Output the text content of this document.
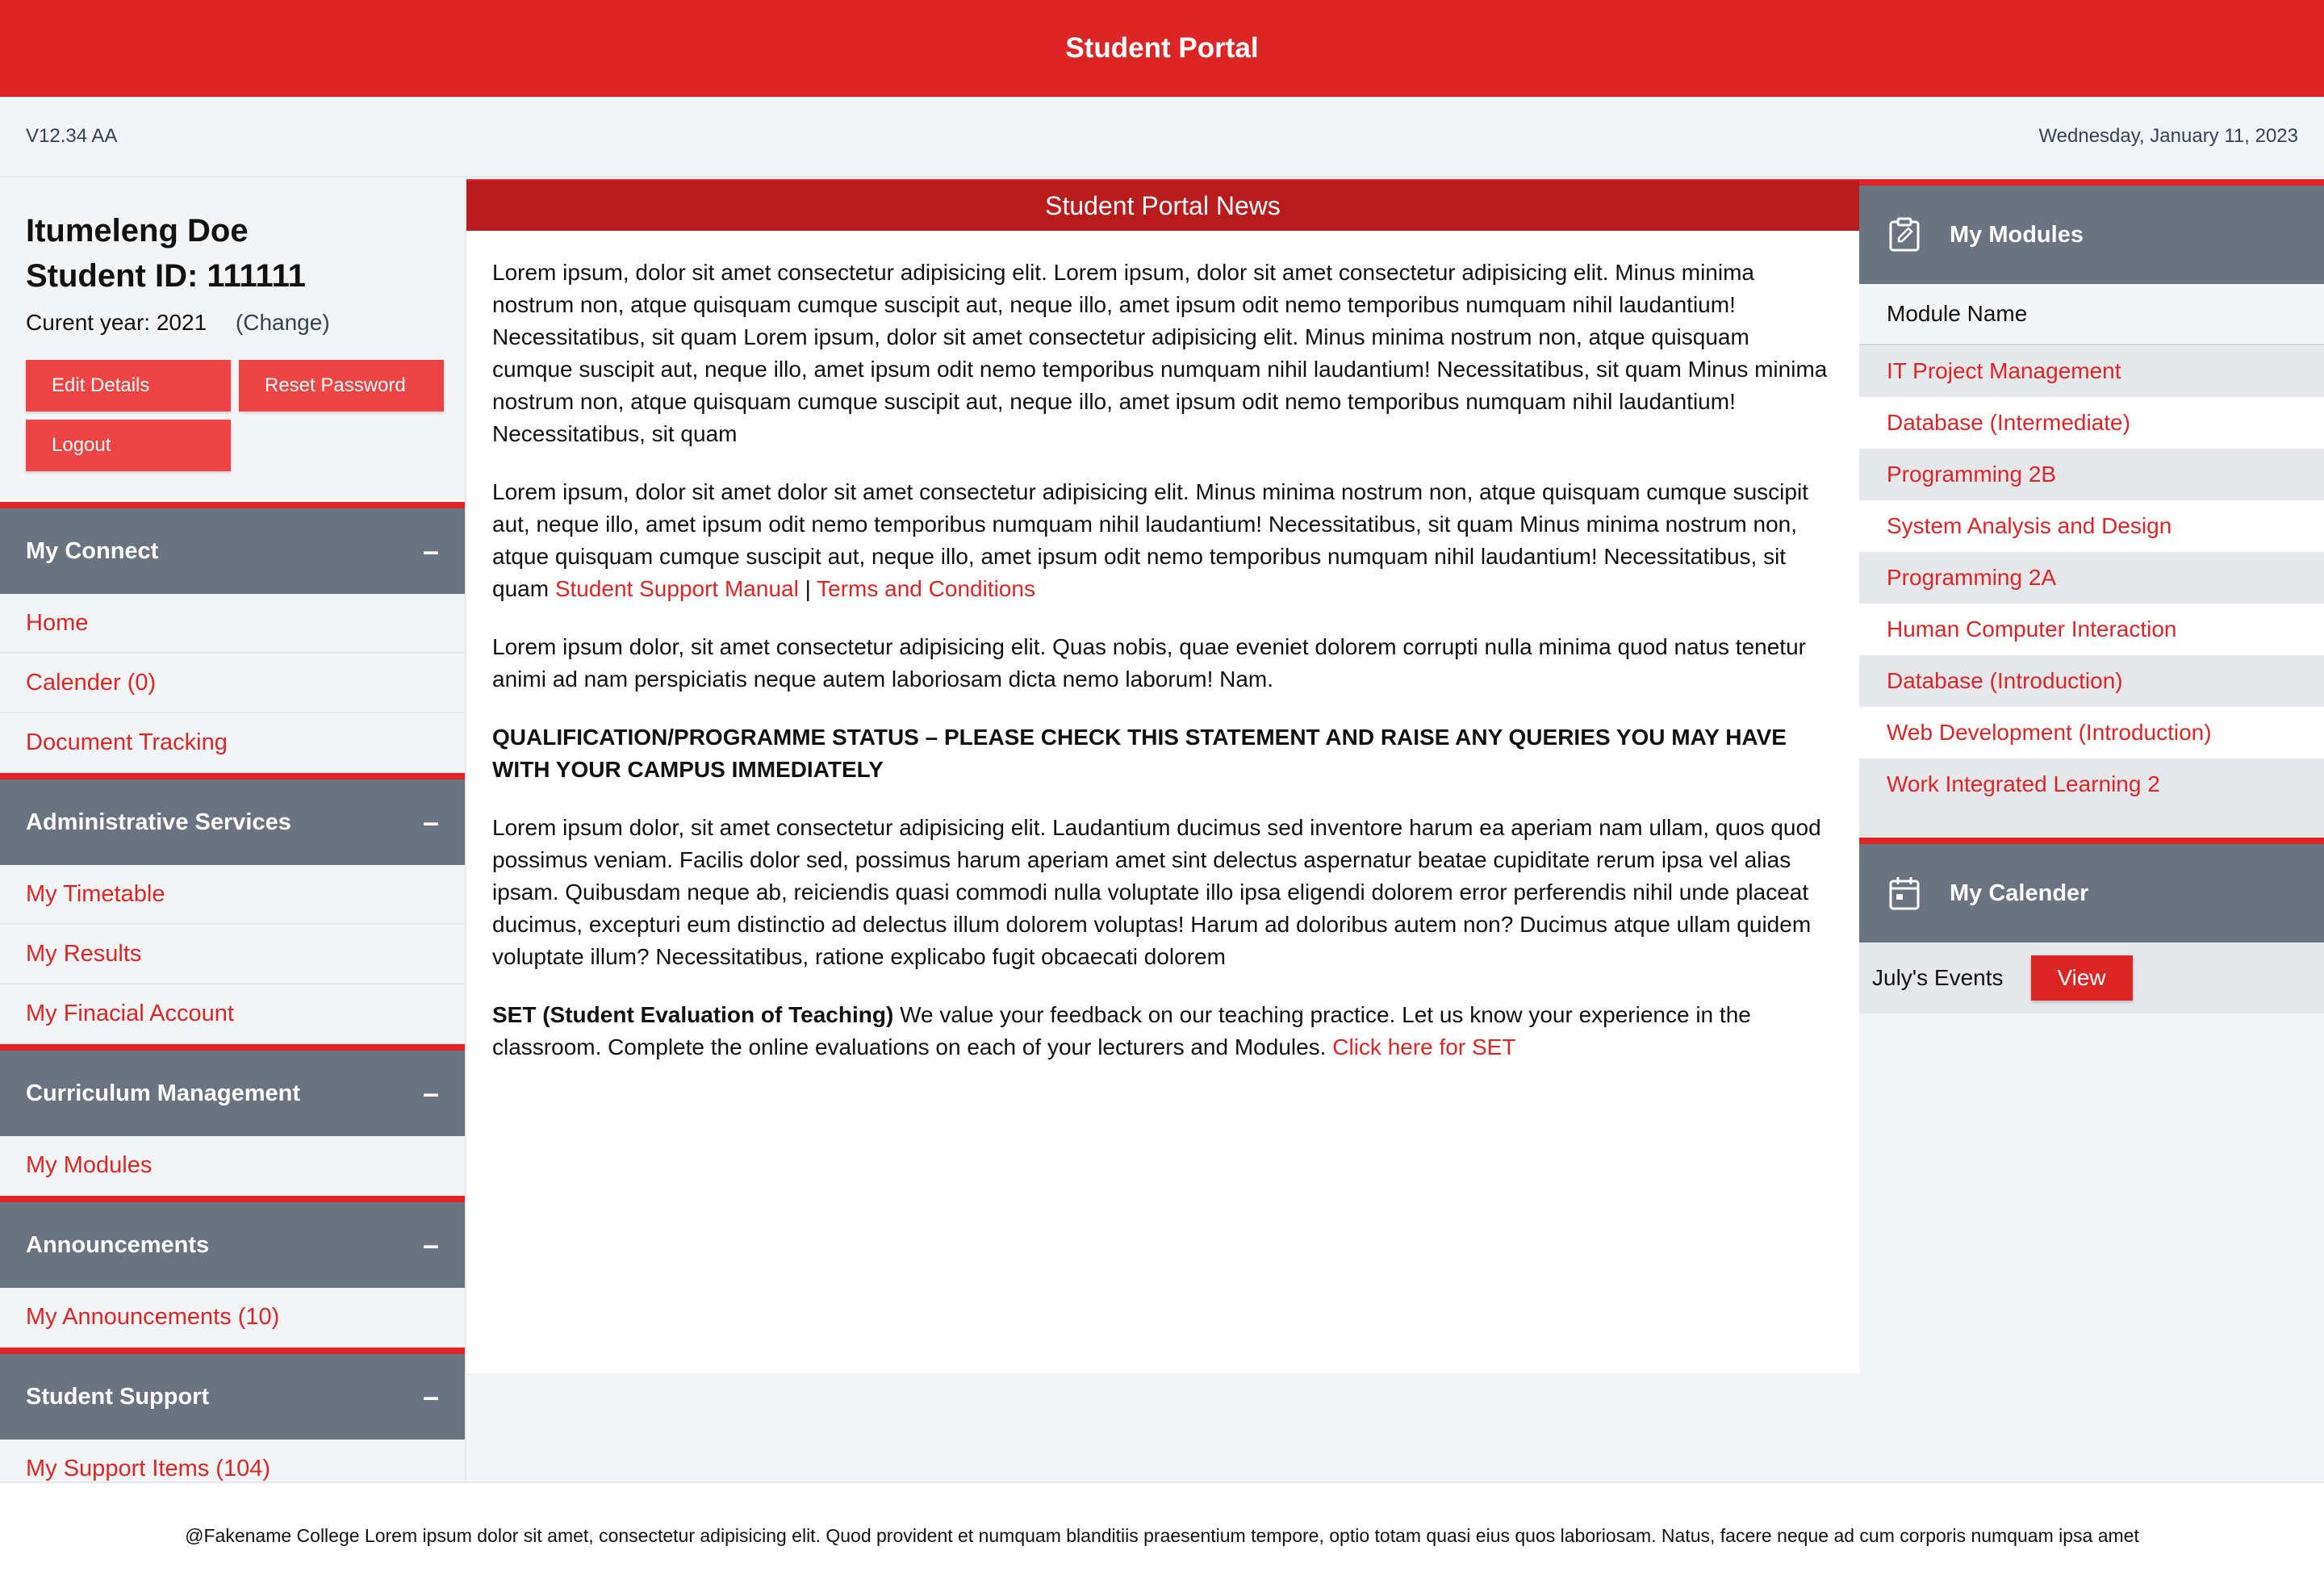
Student Portal
V12.34 AA	Wednesday, January 11, 2023
Itumeleng Doe
Student ID: 111111
Curent year: 2021 (Change)
Edit Details	Reset Password
Logout
My Connect	–
Home
Calender (0)
Document Tracking
Administrative Services	–
My Timetable
My Results
My Finacial Account
Curriculum Management	–
My Modules
Announcements	–
My Announcements (10)
Student Support	–
My Support Items (104)
Student Portal News

Lorem ipsum, dolor sit amet consectetur adipisicing elit. Lorem ipsum, dolor sit amet consectetur adipisicing elit. Minus minima nostrum non, atque quisquam cumque suscipit aut, neque illo, amet ipsum odit nemo temporibus numquam nihil laudantium! Necessitatibus, sit quam Lorem ipsum, dolor sit amet consectetur adipisicing elit. Minus minima nostrum non, atque quisquam cumque suscipit aut, neque illo, amet ipsum odit nemo temporibus numquam nihil laudantium! Necessitatibus, sit quam Minus minima nostrum non, atque quisquam cumque suscipit aut, neque illo, amet ipsum odit nemo temporibus numquam nihil laudantium! Necessitatibus, sit quam

Lorem ipsum, dolor sit amet dolor sit amet consectetur adipisicing elit. Minus minima nostrum non, atque quisquam cumque suscipit aut, neque illo, amet ipsum odit nemo temporibus numquam nihil laudantium! Necessitatibus, sit quam Minus minima nostrum non, atque quisquam cumque suscipit aut, neque illo, amet ipsum odit nemo temporibus numquam nihil laudantium! Necessitatibus, sit quam Student Support Manual | Terms and Conditions

Lorem ipsum dolor, sit amet consectetur adipisicing elit. Quas nobis, quae eveniet dolorem corrupti nulla minima quod natus tenetur animi ad nam perspiciatis neque autem laboriosam dicta nemo laborum! Nam.

QUALIFICATION/PROGRAMME STATUS – PLEASE CHECK THIS STATEMENT AND RAISE ANY QUERIES YOU MAY HAVE WITH YOUR CAMPUS IMMEDIATELY

Lorem ipsum dolor, sit amet consectetur adipisicing elit. Laudantium ducimus sed inventore harum ea aperiam nam ullam, quos quod possimus veniam. Facilis dolor sed, possimus harum aperiam amet sint delectus aspernatur beatae cupiditate rerum ipsa vel alias ipsam. Quibusdam neque ab, reiciendis quasi commodi nulla voluptate illo ipsa eligendi dolorem error perferendis nihil unde placeat ducimus, excepturi eum distinctio ad delectus illum dolorem voluptas! Harum ad doloribus autem non? Ducimus atque ullam quidem voluptate illum? Necessitatibus, ratione explicabo fugit obcaecati dolorem

SET (Student Evaluation of Teaching) We value your feedback on our teaching practice. Let us know your experience in the classroom. Complete the online evaluations on each of your lecturers and Modules. Click here for SET

My Modules
Module Name
IT Project Management
Database (Intermediate)
Programming 2B
System Analysis and Design
Programming 2A
Human Computer Interaction
Database (Introduction)
Web Development (Introduction)
Work Integrated Learning 2
My Calender
July's Events	View
@Fakename College Lorem ipsum dolor sit amet, consectetur adipisicing elit. Quod provident et numquam blanditiis praesentium tempore, optio totam quasi eius quos laboriosam. Natus, facere neque ad cum corporis numquam ipsa amet
